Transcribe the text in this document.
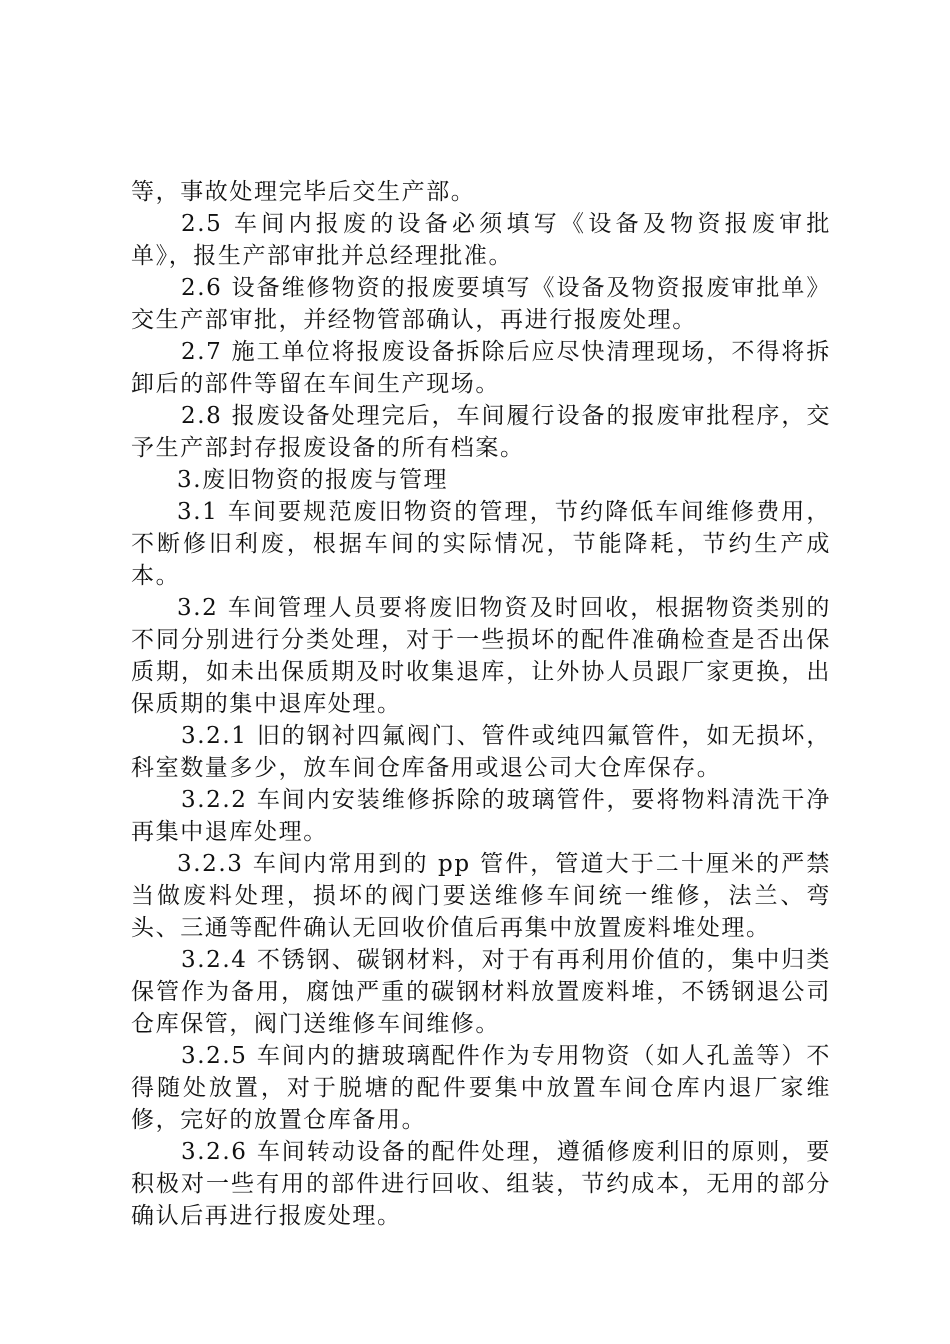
等，事故处理完毕后交生产部。

2.5 车间内报废的设备必须填写《设备及物资报废审批单》，报生产部审批并总经理批准。

2.6 设备维修物资的报废要填写《设备及物资报废审批单》交生产部审批，并经物管部确认，再进行报废处理。

2.7 施工单位将报废设备拆除后应尽快清理现场，不得将拆卸后的部件等留在车间生产现场。

2.8 报废设备处理完后，车间履行设备的报废审批程序，交予生产部封存报废设备的所有档案。

3.废旧物资的报废与管理

3.1 车间要规范废旧物资的管理，节约降低车间维修费用，不断修旧利废，根据车间的实际情况，节能降耗，节约生产成本。

3.2 车间管理人员要将废旧物资及时回收，根据物资类别的不同分别进行分类处理，对于一些损坏的配件准确检查是否出保质期，如未出保质期及时收集退库，让外协人员跟厂家更换，出保质期的集中退库处理。

3.2.1 旧的钢衬四氟阀门、管件或纯四氟管件，如无损坏，科室数量多少，放车间仓库备用或退公司大仓库保存。

3.2.2 车间内安装维修拆除的玻璃管件，要将物料清洗干净再集中退库处理。

3.2.3 车间内常用到的 pp 管件，管道大于二十厘米的严禁当做废料处理，损坏的阀门要送维修车间统一维修，法兰、弯头、三通等配件确认无回收价值后再集中放置废料堆处理。

3.2.4 不锈钢、碳钢材料，对于有再利用价值的，集中归类保管作为备用，腐蚀严重的碳钢材料放置废料堆，不锈钢退公司仓库保管，阀门送维修车间维修。

3.2.5 车间内的搪玻璃配件作为专用物资（如人孔盖等）不得随处放置，对于脱塘的配件要集中放置车间仓库内退厂家维修，完好的放置仓库备用。

3.2.6 车间转动设备的配件处理，遵循修废利旧的原则，要积极对一些有用的部件进行回收、组装，节约成本，无用的部分确认后再进行报废处理。
